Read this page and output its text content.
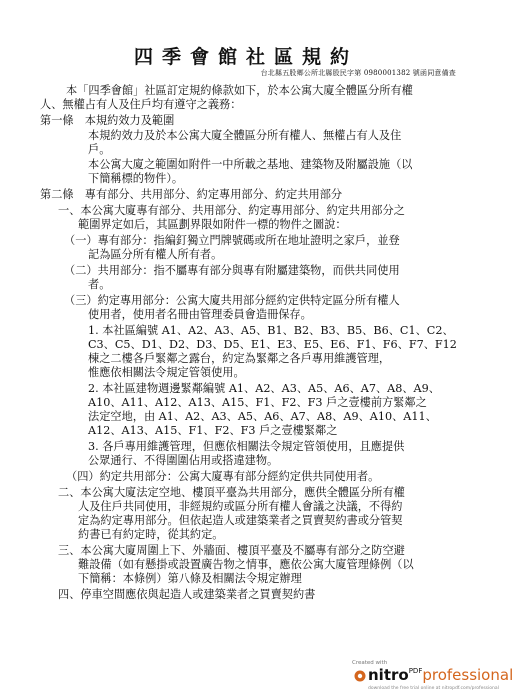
四季會館社區規約
台北縣五股鄉公所北縣股民字第 0980001382 號函同意備查
本「四季會館」社區訂定規約條款如下，於本公寓大廈全體區分所有權
人、無權占有人及住戶均有遵守之義務：
第一條　本規約效力及範圍
本規約效力及於本公寓大廈全體區分所有權人、無權占有人及住
戶。
本公寓大廈之範圍如附件一中所載之基地、建築物及附屬設施（以
下簡稱標的物件）。
第二條　專有部分、共用部分、約定專用部分、約定共用部分
一、本公寓大廈專有部分、共用部分、約定專用部分、約定共用部分之
範圍界定如后，其區劃界限如附件一標的物件之圖說：
（一）專有部分：指編釘獨立門牌號碼或所在地址證明之家戶，並登
記為區分所有權人所有者。
（二）共用部分：指不屬專有部分與專有附屬建築物，而供共同使用
者。
（三）約定專用部分：公寓大廈共用部分經約定供特定區分所有權人
使用者，使用者名冊由管理委員會造冊保存。
1. 本社區編號 A1、A2、A3、A5、B1、B2、B3、B5、B6、C1、C2、
C3、C5、D1、D2、D3、D5、E1、E3、E5、E6、F1、F6、F7、F12
棟之二樓各戶緊鄰之露台，約定為緊鄰之各戶專用維護管理，
惟應依相關法令規定管領使用。
2. 本社區建物週邊緊鄰編號 A1、A2、A3、A5、A6、A7、A8、A9、
A10、A11、A12、A13、A15、F1、F2、F3 戶之壹樓前方緊鄰之
法定空地，由 A1、A2、A3、A5、A6、A7、A8、A9、A10、A11、
A12、A13、A15、F1、F2、F3 戶之壹樓緊鄰之
3. 各戶專用維護管理，但應依相關法令規定管領使用，且應提供
公眾通行、不得圍圍佔用或搭違建物。
（四）約定共用部分：公寓大廈專有部分經約定供共同使用者。
二、本公寓大廈法定空地、樓頂平臺為共用部分，應供全體區分所有權
人及住戶共同使用，非經規約或區分所有權人會議之決議，不得約
定為約定專用部分。但依起造人或建築業者之買賣契約書或分管契
約書已有約定時，從其約定。
三、本公寓大廈周圍上下、外牆面、樓頂平臺及不屬專有部分之防空避
難設備（如有懸掛或設置廣告物之情事，應依公寓大廈管理條例（以
下簡稱：本條例）第八條及相關法令規定辦理
四、停車空間應依與起造人或建築業者之買賣契約書
Created with
nitro$^{PDF}$professional
download the free trial online at nitropdf.com/professional
